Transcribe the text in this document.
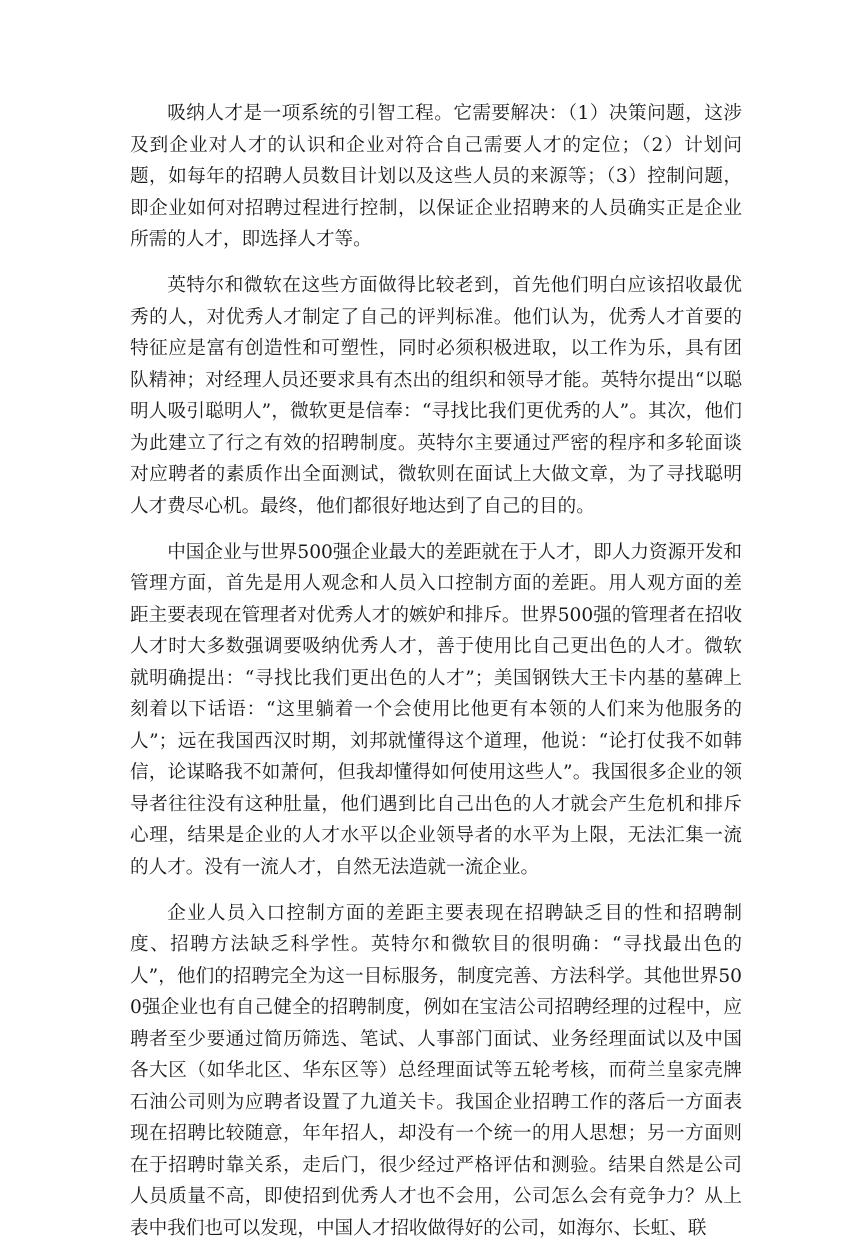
吸纳人才是一项系统的引智工程。它需要解决：（1）决策问题，这涉及到企业对人才的认识和企业对符合自己需要人才的定位；（2）计划问题，如每年的招聘人员数目计划以及这些人员的来源等；（3）控制问题，即企业如何对招聘过程进行控制，以保证企业招聘来的人员确实正是企业所需的人才，即选择人才等。

英特尔和微软在这些方面做得比较老到，首先他们明白应该招收最优秀的人，对优秀人才制定了自己的评判标准。他们认为，优秀人才首要的特征应是富有创造性和可塑性，同时必须积极进取，以工作为乐，具有团队精神；对经理人员还要求具有杰出的组织和领导才能。英特尔提出“以聪明人吸引聪明人”，微软更是信奉：“寻找比我们更优秀的人”。其次，他们为此建立了行之有效的招聘制度。英特尔主要通过严密的程序和多轮面谈对应聘者的素质作出全面测试，微软则在面试上大做文章，为了寻找聪明人才费尽心机。最终，他们都很好地达到了自己的目的。

中国企业与世界500强企业最大的差距就在于人才，即人力资源开发和管理方面，首先是用人观念和人员入口控制方面的差距。用人观方面的差距主要表现在管理者对优秀人才的嫉妒和排斥。世界500强的管理者在招收人才时大多数强调要吸纳优秀人才，善于使用比自己更出色的人才。微软就明确提出：“寻找比我们更出色的人才”；美国钢铁大王卡内基的墓碑上刻着以下话语：“这里躺着一个会使用比他更有本领的人们来为他服务的人”；远在我国西汉时期，刘邦就懂得这个道理，他说：“论打仗我不如韩信，论谋略我不如萧何，但我却懂得如何使用这些人”。我国很多企业的领导者往往没有这种肚量，他们遇到比自己出色的人才就会产生危机和排斥心理，结果是企业的人才水平以企业领导者的水平为上限，无法汇集一流的人才。没有一流人才，自然无法造就一流企业。

企业人员入口控制方面的差距主要表现在招聘缺乏目的性和招聘制度、招聘方法缺乏科学性。英特尔和微软目的很明确：“寻找最出色的人”，他们的招聘完全为这一目标服务，制度完善、方法科学。其他世界500强企业也有自己健全的招聘制度，例如在宝洁公司招聘经理的过程中，应聘者至少要通过简历筛选、笔试、人事部门面试、业务经理面试以及中国各大区（如华北区、华东区等）总经理面试等五轮考核，而荷兰皇家壳牌石油公司则为应聘者设置了九道关卡。我国企业招聘工作的落后一方面表现在招聘比较随意，年年招人，却没有一个统一的用人思想；另一方面则在于招聘时靠关系，走后门，很少经过严格评估和测验。结果自然是公司人员质量不高，即使招到优秀人才也不会用，公司怎么会有竞争力？从上表中我们也可以发现，中国人才招收做得好的公司，如海尔、长虹、联
